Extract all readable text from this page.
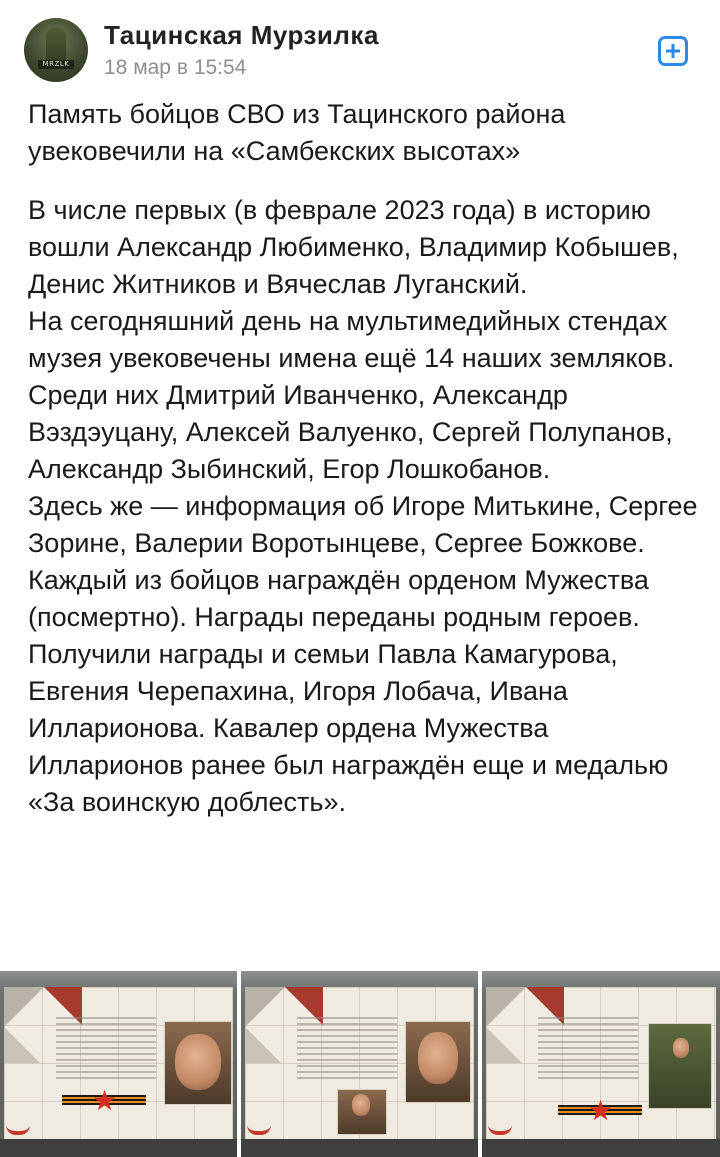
MRZLK
Тацинская Мурзилка
18 мар в 15:54

Память бойцов СВО из Тацинского района увековечили на «Самбекских высотах»

В числе первых (в феврале 2023 года) в историю вошли Александр Любименко, Владимир Кобышев, Денис Житников и Вячеслав Луганский.

На сегодняшний день на мультимедийных стендах музея увековечены имена ещё 14 наших земляков. Среди них Дмитрий Иванченко, Александр Вэздэуцану, Алексей Валуенко, Сергей Полупанов, Александр Зыбинский, Егор Лошкобанов.

Здесь же — информация об Игоре Митькине, Сергее Зорине, Валерии Воротынцеве, Сергее Божкове. Каждый из бойцов награждён орденом Мужества (посмертно). Награды переданы родным героев.

Получили награды и семьи Павла Камагурова, Евгения Черепахина, Игоря Лобача, Ивана Илларионова. Кавалер ордена Мужества Илларионов ранее был награждён еще и медалью «За воинскую доблесть».

★	★
